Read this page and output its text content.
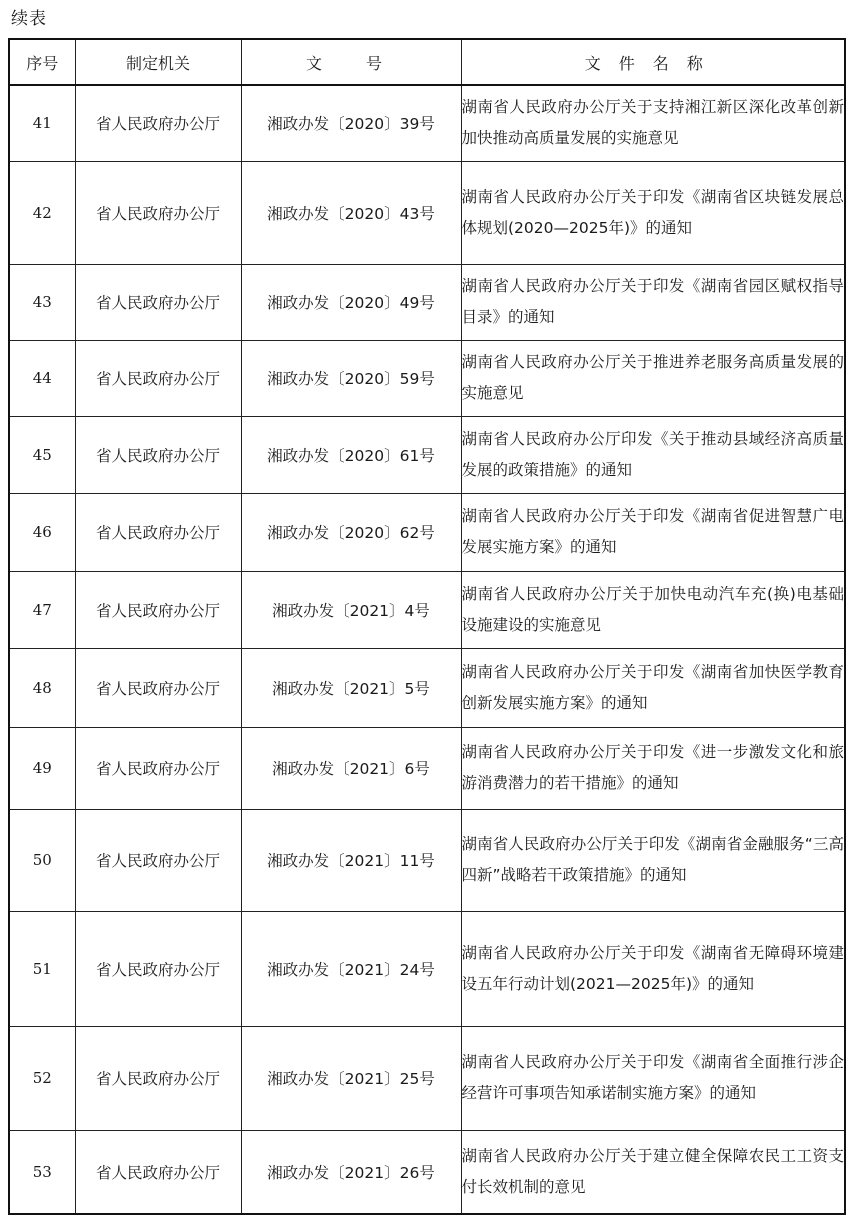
续表
序号	制定机关	文　号	文件名称
41	省人民政府办公厅	湘政办发〔2020〕39号	湖南省人民政府办公厅关于支持湘江新区深化改革创新加快推动高质量发展的实施意见
42	省人民政府办公厅	湘政办发〔2020〕43号	湖南省人民政府办公厅关于印发《湖南省区块链发展总体规划(2020—2025年)》的通知
43	省人民政府办公厅	湘政办发〔2020〕49号	湖南省人民政府办公厅关于印发《湖南省园区赋权指导目录》的通知
44	省人民政府办公厅	湘政办发〔2020〕59号	湖南省人民政府办公厅关于推进养老服务高质量发展的实施意见
45	省人民政府办公厅	湘政办发〔2020〕61号	湖南省人民政府办公厅印发《关于推动县域经济高质量发展的政策措施》的通知
46	省人民政府办公厅	湘政办发〔2020〕62号	湖南省人民政府办公厅关于印发《湖南省促进智慧广电发展实施方案》的通知
47	省人民政府办公厅	湘政办发〔2021〕4号	湖南省人民政府办公厅关于加快电动汽车充(换)电基础设施建设的实施意见
48	省人民政府办公厅	湘政办发〔2021〕5号	湖南省人民政府办公厅关于印发《湖南省加快医学教育创新发展实施方案》的通知
49	省人民政府办公厅	湘政办发〔2021〕6号	湖南省人民政府办公厅关于印发《进一步激发文化和旅游消费潜力的若干措施》的通知
50	省人民政府办公厅	湘政办发〔2021〕11号	湖南省人民政府办公厅关于印发《湖南省金融服务“三高四新”战略若干政策措施》的通知
51	省人民政府办公厅	湘政办发〔2021〕24号	湖南省人民政府办公厅关于印发《湖南省无障碍环境建设五年行动计划(2021—2025年)》的通知
52	省人民政府办公厅	湘政办发〔2021〕25号	湖南省人民政府办公厅关于印发《湖南省全面推行涉企经营许可事项告知承诺制实施方案》的通知
53	省人民政府办公厅	湘政办发〔2021〕26号	湖南省人民政府办公厅关于建立健全保障农民工工资支付长效机制的意见
